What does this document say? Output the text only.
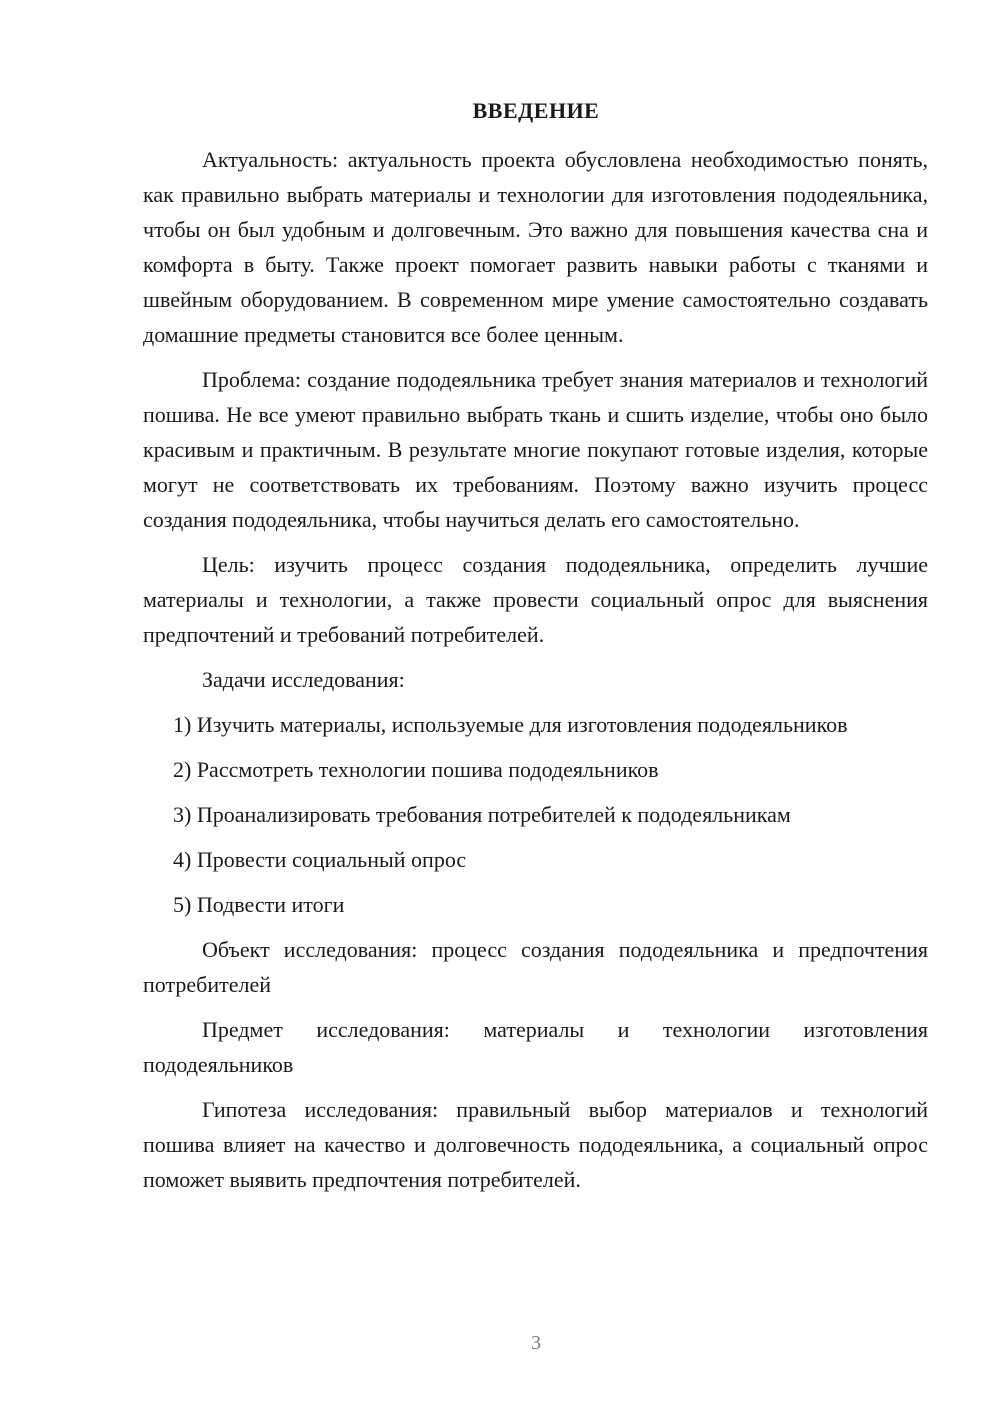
ВВЕДЕНИЕ

Актуальность: актуальность проекта обусловлена необходимостью понять, как правильно выбрать материалы и технологии для изготовления пододеяльника, чтобы он был удобным и долговечным. Это важно для повышения качества сна и комфорта в быту. Также проект помогает развить навыки работы с тканями и швейным оборудованием. В современном мире умение самостоятельно создавать домашние предметы становится все более ценным.

Проблема: создание пододеяльника требует знания материалов и технологий пошива. Не все умеют правильно выбрать ткань и сшить изделие, чтобы оно было красивым и практичным. В результате многие покупают готовые изделия, которые могут не соответствовать их требованиям. Поэтому важно изучить процесс создания пододеяльника, чтобы научиться делать его самостоятельно.

Цель: изучить процесс создания пододеяльника, определить лучшие материалы и технологии, а также провести социальный опрос для выяснения предпочтений и требований потребителей.

Задачи исследования:

1) Изучить материалы, используемые для изготовления пододеяльников

2) Рассмотреть технологии пошива пододеяльников

3) Проанализировать требования потребителей к пододеяльникам

4) Провести социальный опрос

5) Подвести итоги

Объект исследования: процесс создания пододеяльника и предпочтения потребителей

Предмет исследования: материалы и технологии изготовления пододеяльников

Гипотеза исследования: правильный выбор материалов и технологий пошива влияет на качество и долговечность пододеяльника, а социальный опрос поможет выявить предпочтения потребителей.

3
